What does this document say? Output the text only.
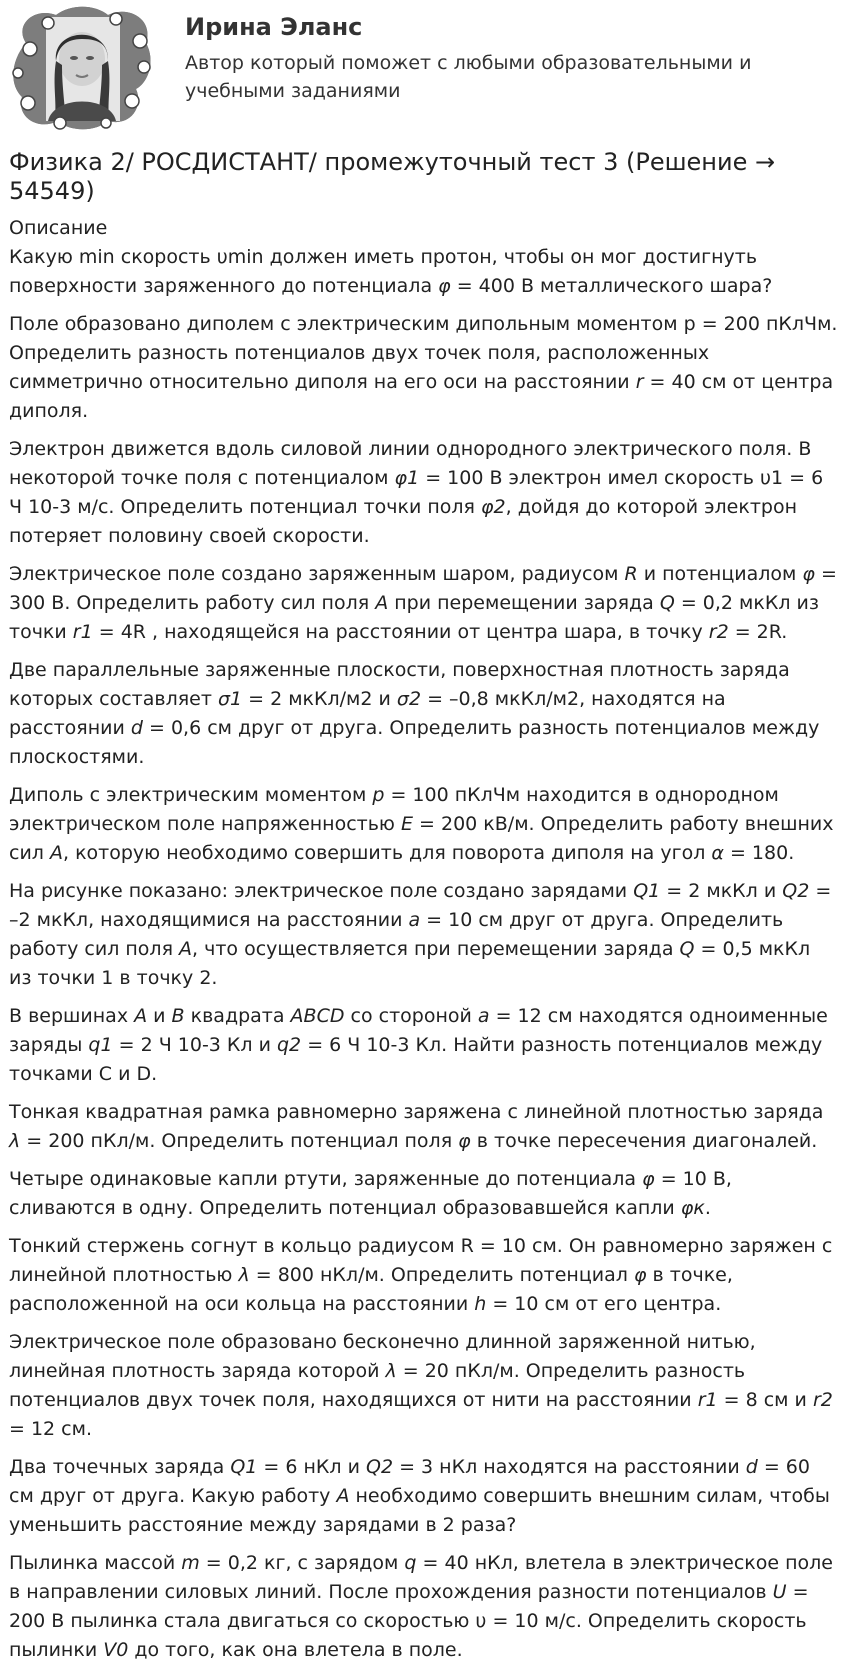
Ирина Эланс
Автор который поможет с любыми образовательными и учебными заданиями
Физика 2/ РОСДИСТАНТ/ промежуточный тест 3 (Решение → 54549)
Описание
Какую min скорость υmin должен иметь протон, чтобы он мог достигнуть поверхности заряженного до потенциала φ = 400 В металлического шара?
Поле образовано диполем с электрическим дипольным моментом p = 200 пКлЧм. Определить разность потенциалов двух точек поля, расположенных симметрично относительно диполя на его оси на расстоянии r = 40 см от центра диполя.
Электрон движется вдоль силовой линии однородного электрического поля. В некоторой точке поля с потенциалом φ1 = 100 В электрон имел скорость υ1 = 6 Ч 10-3 м/с. Определить потенциал точки поля φ2, дойдя до которой электрон потеряет половину своей скорости.
Электрическое поле создано заряженным шаром, радиусом R и потенциалом φ = 300 В. Определить работу сил поля A при перемещении заряда Q = 0,2 мкКл из точки r1 = 4R , находящейся на расстоянии от центра шара, в точку r2 = 2R.
Две параллельные заряженные плоскости, поверхностная плотность заряда которых составляет σ1 = 2 мкКл/м2 и σ2 = –0,8 мкКл/м2, находятся на расстоянии d = 0,6 см друг от друга. Определить разность потенциалов между плоскостями.
Диполь с электрическим моментом p = 100 пКлЧм находится в однородном электрическом поле напряженностью E = 200 кВ/м. Определить работу внешних сил A, которую необходимо совершить для поворота диполя на угол α = 180.
На рисунке показано: электрическое поле создано зарядами Q1 = 2 мкКл и Q2 = –2 мкКл, находящимися на расстоянии a = 10 см друг от друга. Определить работу сил поля A, что осуществляется при перемещении заряда Q = 0,5 мкКл из точки 1 в точку 2.
В вершинах A и B квадрата ABCD со стороной a = 12 см находятся одноименные заряды q1 = 2 Ч 10-3 Кл и q2 = 6 Ч 10-3 Кл. Найти разность потенциалов между точками C и D.
Тонкая квадратная рамка равномерно заряжена с линейной плотностью заряда λ = 200 пКл/м. Определить потенциал поля φ в точке пересечения диагоналей.
Четыре одинаковые капли ртути, заряженные до потенциала φ = 10 В, сливаются в одну. Определить потенциал образовавшейся капли φк.
Тонкий стержень согнут в кольцо радиусом R = 10 см. Он равномерно заряжен с линейной плотностью λ = 800 нКл/м. Определить потенциал φ в точке, расположенной на оси кольца на расстоянии h = 10 см от его центра.
Электрическое поле образовано бесконечно длинной заряженной нитью, линейная плотность заряда которой λ = 20 пКл/м. Определить разность потенциалов двух точек поля, находящихся от нити на расстоянии r1 = 8 см и r2 = 12 см.
Два точечных заряда Q1 = 6 нКл и Q2 = 3 нКл находятся на расстоянии d = 60 см друг от друга. Какую работу A необходимо совершить внешним силам, чтобы уменьшить расстояние между зарядами в 2 раза?
Пылинка массой m = 0,2 кг, с зарядом q = 40 нКл, влетела в электрическое поле в направлении силовых линий. После прохождения разности потенциалов U = 200 В пылинка стала двигаться со скоростью υ = 10 м/с. Определить скорость пылинки V0 до того, как она влетела в поле.
